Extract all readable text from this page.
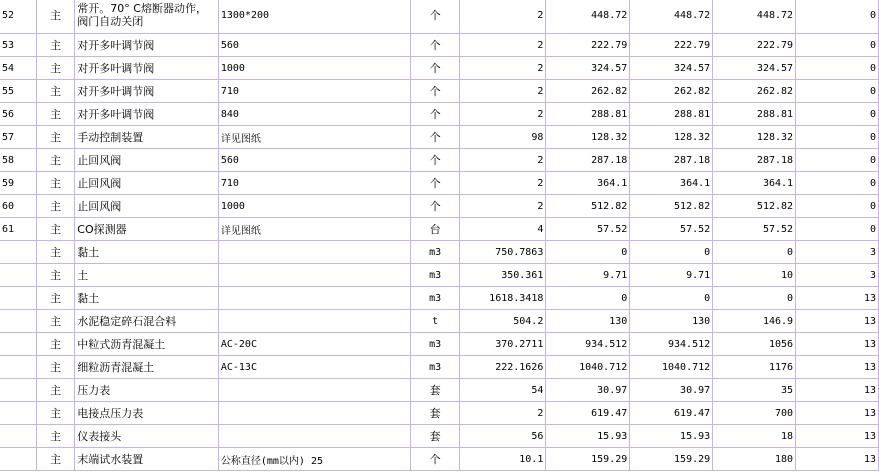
52	主	常开。70° C熔断器动作，阀门自动关闭	1300*200	个	2	448.72	448.72	448.72	0
53	主	对开多叶调节阀	560	个	2	222.79	222.79	222.79	0
54	主	对开多叶调节阀	1000	个	2	324.57	324.57	324.57	0
55	主	对开多叶调节阀	710	个	2	262.82	262.82	262.82	0
56	主	对开多叶调节阀	840	个	2	288.81	288.81	288.81	0
57	主	手动控制装置	详见图纸	个	98	128.32	128.32	128.32	0
58	主	止回风阀	560	个	2	287.18	287.18	287.18	0
59	主	止回风阀	710	个	2	364.1	364.1	364.1	0
60	主	止回风阀	1000	个	2	512.82	512.82	512.82	0
61	主	CO探测器	详见图纸	台	4	57.52	57.52	57.52	0
	主	黏土		m3	750.7863	0	0	0	3
	主	土		m3	350.361	9.71	9.71	10	3
	主	黏土		m3	1618.3418	0	0	0	13
	主	水泥稳定碎石混合料		t	504.2	130	130	146.9	13
	主	中粒式沥青混凝土	AC-20C	m3	370.2711	934.512	934.512	1056	13
	主	细粒沥青混凝土	AC-13C	m3	222.1626	1040.712	1040.712	1176	13
	主	压力表		套	54	30.97	30.97	35	13
	主	电接点压力表		套	2	619.47	619.47	700	13
	主	仪表接头		套	56	15.93	15.93	18	13
	主	末端试水装置	公称直径(mm以内) 25	个	10.1	159.29	159.29	180	13
